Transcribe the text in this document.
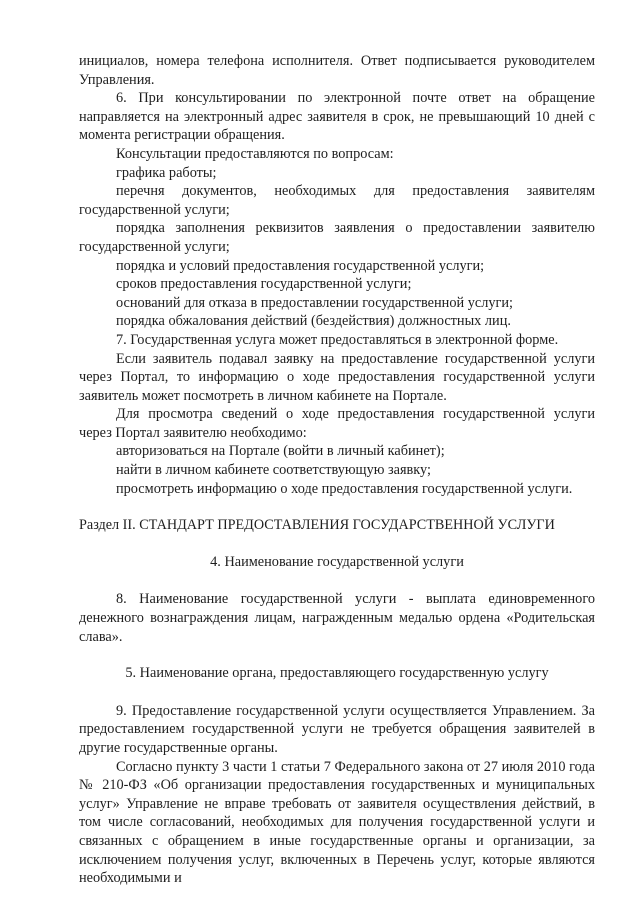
инициалов, номера телефона исполнителя. Ответ подписывается руководителем Управления.

6. При консультировании по электронной почте ответ на обращение направляется на электронный адрес заявителя в срок, не превышающий 10 дней с момента регистрации обращения.

Консультации предоставляются по вопросам:

графика работы;

перечня документов, необходимых для предоставления заявителям государственной услуги;

порядка заполнения реквизитов заявления о предоставлении заявителю государственной услуги;

порядка и условий предоставления государственной услуги;

сроков предоставления государственной услуги;

оснований для отказа в предоставлении государственной услуги;

порядка обжалования действий (бездействия) должностных лиц.

7. Государственная услуга может предоставляться в электронной форме.

Если заявитель подавал заявку на предоставление государственной услуги через Портал, то информацию о ходе предоставления государственной услуги заявитель может посмотреть в личном кабинете на Портале.

Для просмотра сведений о ходе предоставления государственной услуги через Портал заявителю необходимо:

авторизоваться на Портале (войти в личный кабинет);

найти в личном кабинете соответствующую заявку;

просмотреть информацию о ходе предоставления государственной услуги.

Раздел II. СТАНДАРТ ПРЕДОСТАВЛЕНИЯ ГОСУДАРСТВЕННОЙ УСЛУГИ

4. Наименование государственной услуги

8. Наименование государственной услуги - выплата единовременного денежного вознаграждения лицам, награжденным медалью ордена «Родительская слава».

5. Наименование органа, предоставляющего государственную услугу

9. Предоставление государственной услуги осуществляется Управлением. За предоставлением государственной услуги не требуется обращения заявителей в другие государственные органы.

Согласно пункту 3 части 1 статьи 7 Федерального закона от 27 июля 2010 года № 210-ФЗ «Об организации предоставления государственных и муниципальных услуг» Управление не вправе требовать от заявителя осуществления действий, в том числе согласований, необходимых для получения государственной услуги и связанных с обращением в иные государственные органы и организации, за исключением получения услуг, включенных в Перечень услуг, которые являются необходимыми и
